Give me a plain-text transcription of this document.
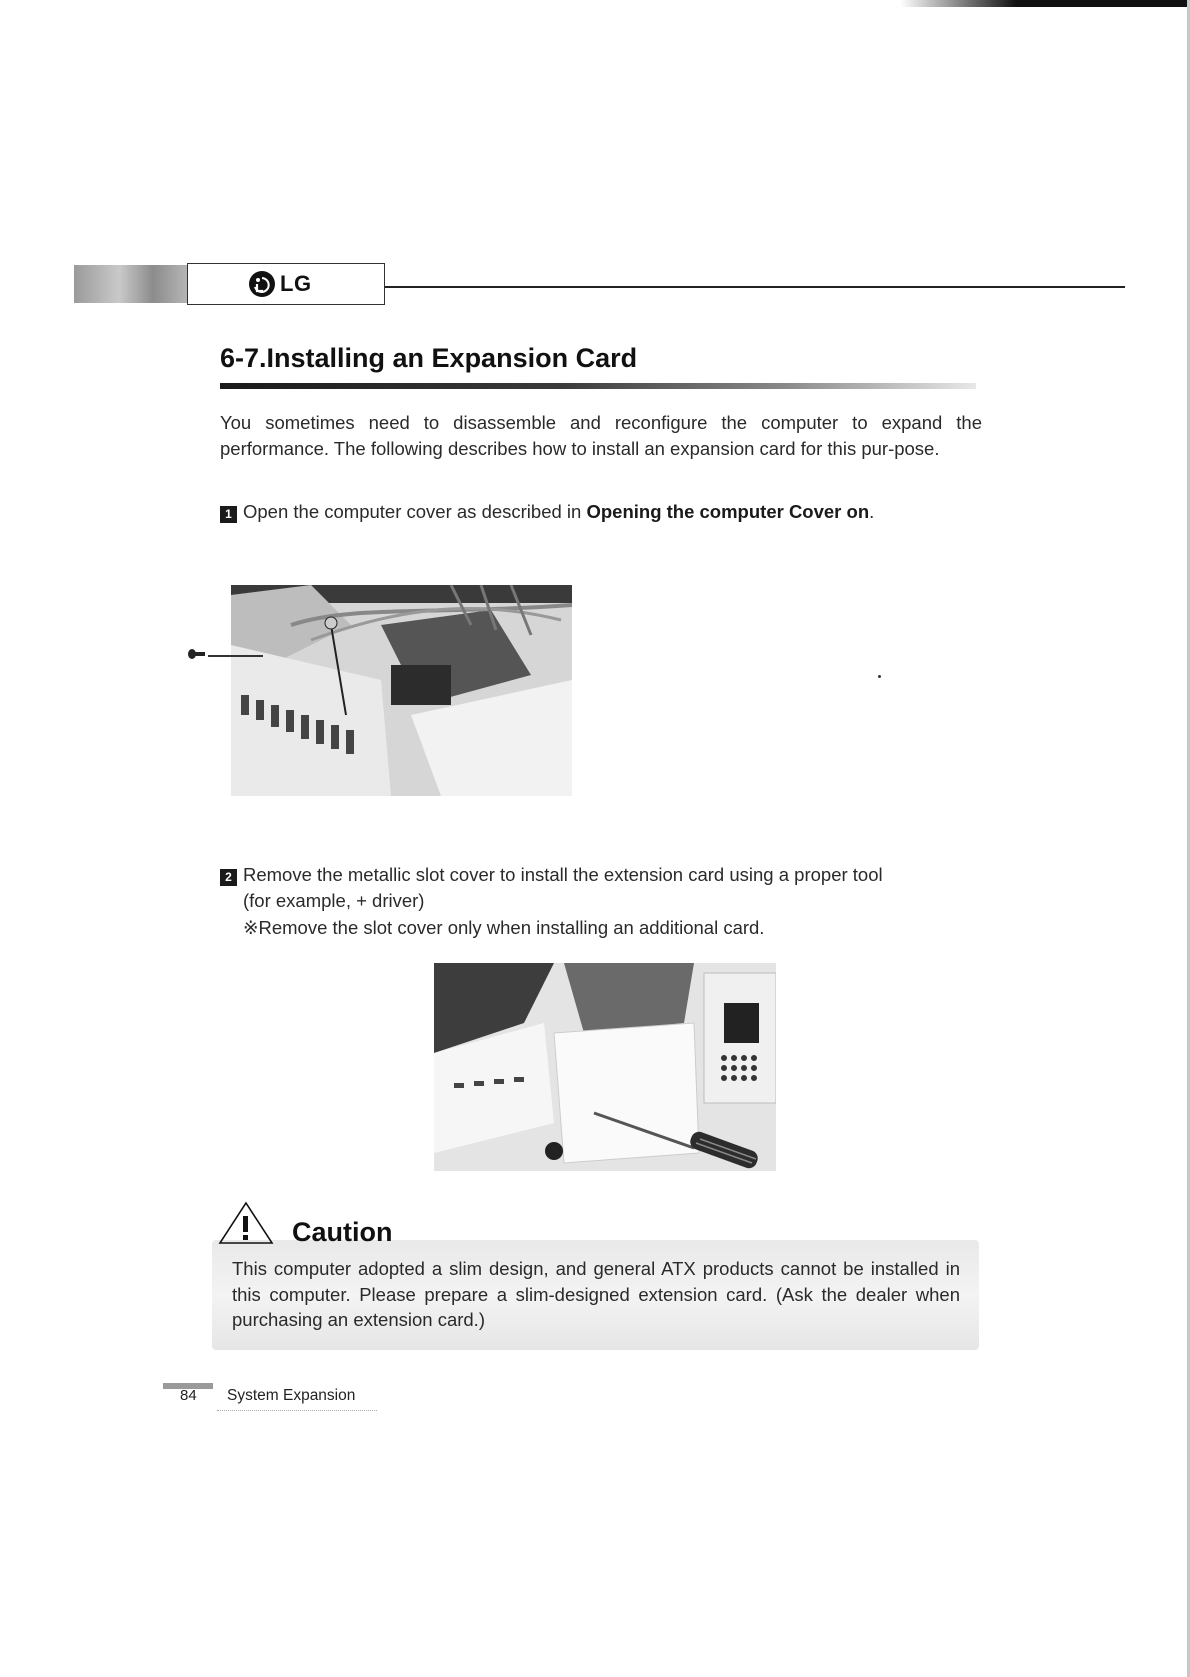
LG
6-7.Installing an Expansion Card

You sometimes need to disassemble and reconfigure the computer to expand the performance. The following describes how to install an expansion card for this pur-pose.

1 Open the computer cover as described in Opening the computer Cover on.

2 Remove the metallic slot cover to install the extension card using a proper tool

(for example, + driver)

※Remove the slot cover only when installing an additional card.

Caution

This computer adopted a slim design, and general ATX products cannot be installed in this computer. Please prepare a slim-designed extension card. (Ask the dealer when purchasing an extension card.)

84 System Expansion
